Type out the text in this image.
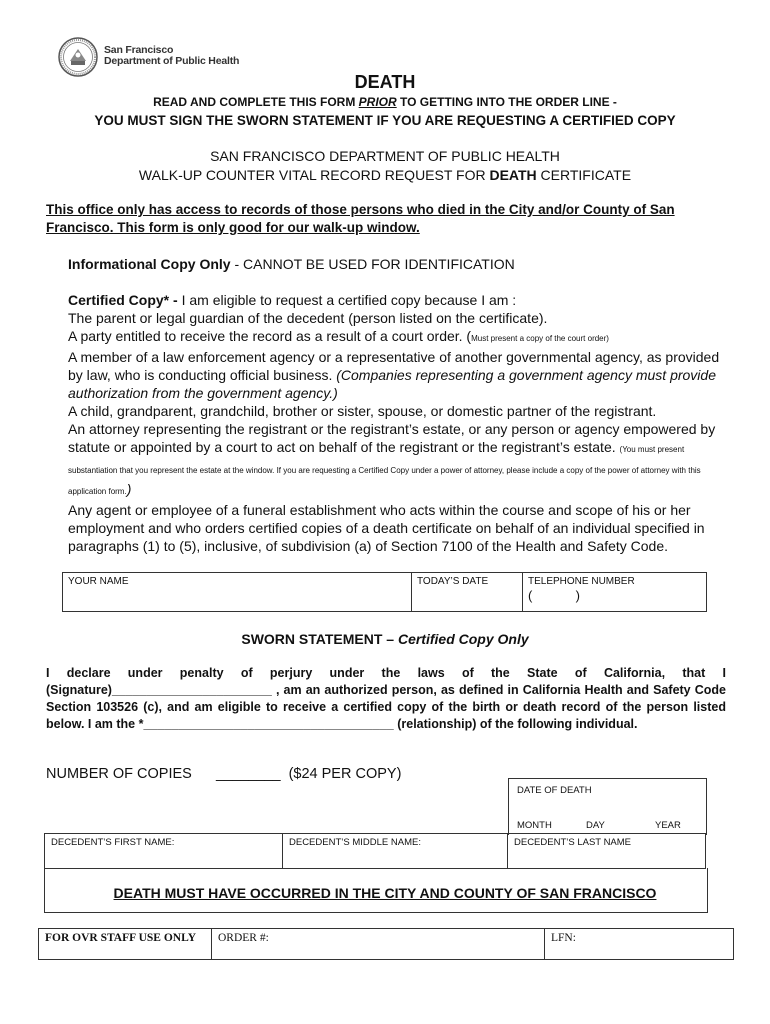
San Francisco
Department of Public Health
DEATH
READ AND COMPLETE THIS FORM PRIOR TO GETTING INTO THE ORDER LINE -
YOU MUST SIGN THE SWORN STATEMENT IF YOU ARE REQUESTING A CERTIFIED COPY
SAN FRANCISCO DEPARTMENT OF PUBLIC HEALTH
WALK-UP COUNTER VITAL RECORD REQUEST FOR DEATH CERTIFICATE
This office only has access to records of those persons who died in the City and/or County of San Francisco. This form is only good for our walk-up window.
Informational Copy Only - CANNOT BE USED FOR IDENTIFICATION
Certified Copy* - I am eligible to request a certified copy because I am :
The parent or legal guardian of the decedent (person listed on the certificate).
A party entitled to receive the record as a result of a court order. (Must present a copy of the court order)
A member of a law enforcement agency or a representative of another governmental agency, as provided by law, who is conducting official business. (Companies representing a government agency must provide authorization from the government agency.)
A child, grandparent, grandchild, brother or sister, spouse, or domestic partner of the registrant.
An attorney representing the registrant or the registrant’s estate, or any person or agency empowered by statute or appointed by a court to act on behalf of the registrant or the registrant’s estate. (You must present substantiation that you represent the estate at the window. If you are requesting a Certified Copy under a power of attorney, please include a copy of the power of attorney with this application form.)
Any agent or employee of a funeral establishment who acts within the course and scope of his or her employment and who orders certified copies of a death certificate on behalf of an individual specified in paragraphs (1) to (5), inclusive, of subdivision (a) of Section 7100 of the Health and Safety Code.
YOUR NAME	TODAY’S DATE	TELEPHONE NUMBER
(            )
SWORN STATEMENT – Certified Copy Only
I declare under penalty of perjury under the laws of the State of California, that I (Signature)_______________________ , am an authorized person, as defined in California Health and Safety Code Section 103526 (c), and am eligible to receive a certified copy of the birth or death record of the person listed below. I am the *____________________________________ (relationship) of the following individual.
NUMBER OF COPIES ________ ($24 PER COPY)
DATE OF DEATH
MONTH	DAY	YEAR
DECEDENT’S FIRST NAME:	DECEDENT’S MIDDLE NAME:	DECEDENT’S LAST NAME
DEATH MUST HAVE OCCURRED IN THE CITY AND COUNTY OF SAN FRANCISCO
FOR OVR STAFF USE ONLY	ORDER #:	LFN:
